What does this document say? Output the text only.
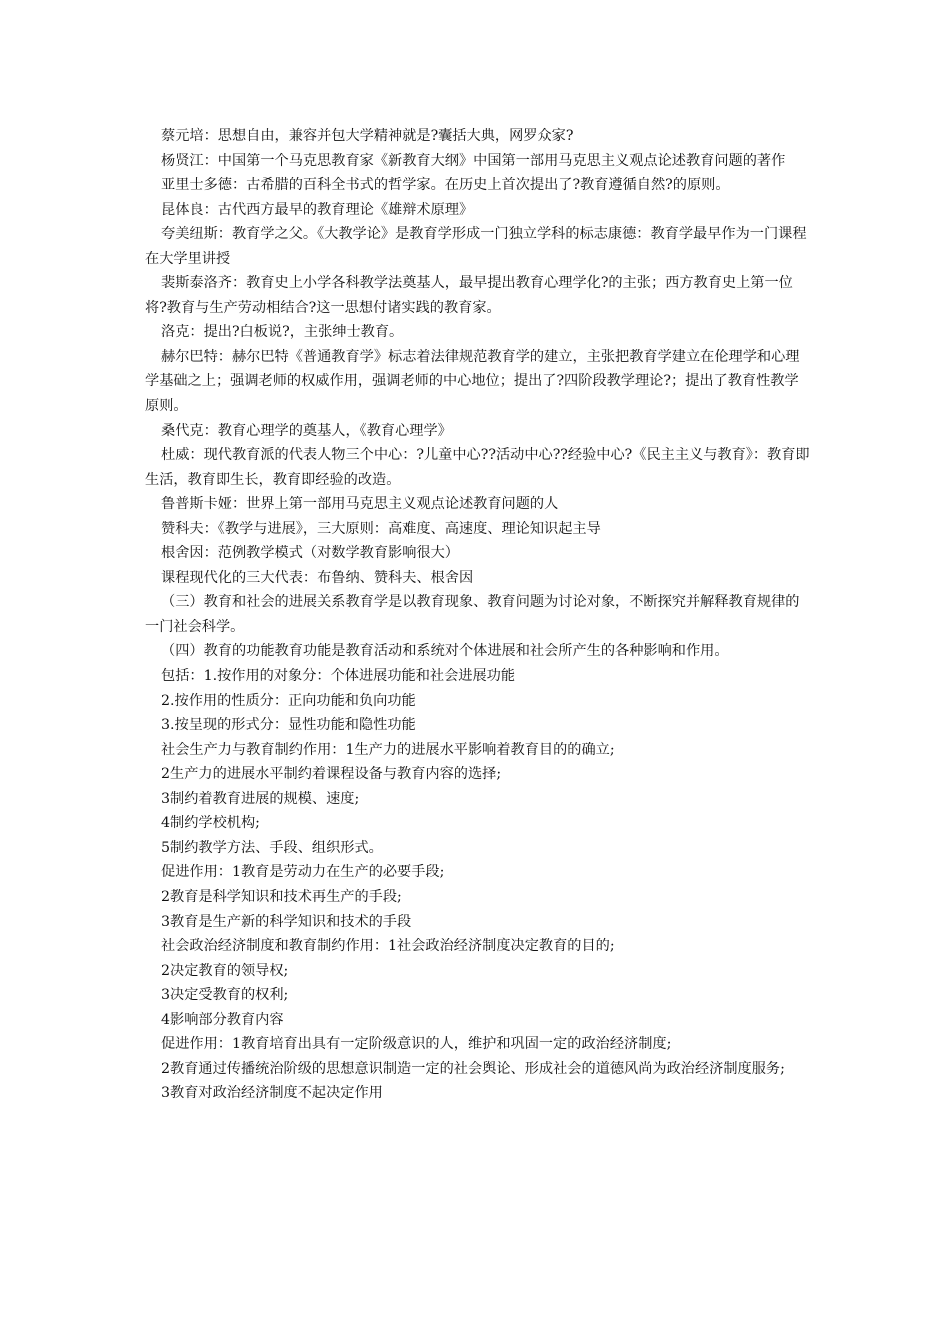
蔡元培：思想自由，兼容并包大学精神就是?囊括大典，网罗众家?

杨贤江：中国第一个马克思教育家《新教育大纲》中国第一部用马克思主义观点论述教育问题的著作

亚里士多德：古希腊的百科全书式的哲学家。在历史上首次提出了?教育遵循自然?的原则。

昆体良：古代西方最早的教育理论《雄辩术原理》

夸美纽斯：教育学之父。《大教学论》是教育学形成一门独立学科的标志康德：教育学最早作为一门课程在大学里讲授

裴斯泰洛齐：教育史上小学各科教学法奠基人，最早提出教育心理学化?的主张；西方教育史上第一位将?教育与生产劳动相结合?这一思想付诸实践的教育家。

洛克：提出?白板说?，主张绅士教育。

赫尔巴特：赫尔巴特《普通教育学》标志着法律规范教育学的建立，主张把教育学建立在伦理学和心理学基础之上；强调老师的权威作用，强调老师的中心地位；提出了?四阶段教学理论?；提出了教育性教学原则。

桑代克：教育心理学的奠基人，《教育心理学》

杜威：现代教育派的代表人物三个中心：?儿童中心??活动中心??经验中心?《民主主义与教育》：教育即生活，教育即生长，教育即经验的改造。

鲁普斯卡娅：世界上第一部用马克思主义观点论述教育问题的人

赞科夫：《教学与进展》，三大原则：高难度、高速度、理论知识起主导

根舍因：范例教学模式（对数学教育影响很大）

课程现代化的三大代表：布鲁纳、赞科夫、根舍因

（三）教育和社会的进展关系教育学是以教育现象、教育问题为讨论对象，不断探究并解释教育规律的一门社会科学。

（四）教育的功能教育功能是教育活动和系统对个体进展和社会所产生的各种影响和作用。

包括：1.按作用的对象分：个体进展功能和社会进展功能

2.按作用的性质分：正向功能和负向功能

3.按呈现的形式分：显性功能和隐性功能

社会生产力与教育制约作用：1生产力的进展水平影响着教育目的的确立;

2生产力的进展水平制约着课程设备与教育内容的选择;

3制约着教育进展的规模、速度;

4制约学校机构;

5制约教学方法、手段、组织形式。

促进作用：1教育是劳动力在生产的必要手段;

2教育是科学知识和技术再生产的手段;

3教育是生产新的科学知识和技术的手段

社会政治经济制度和教育制约作用：1社会政治经济制度决定教育的目的;

2决定教育的领导权;

3决定受教育的权利;

4影响部分教育内容

促进作用：1教育培育出具有一定阶级意识的人，维护和巩固一定的政治经济制度;

2教育通过传播统治阶级的思想意识制造一定的社会舆论、形成社会的道德风尚为政治经济制度服务;

3教育对政治经济制度不起决定作用
